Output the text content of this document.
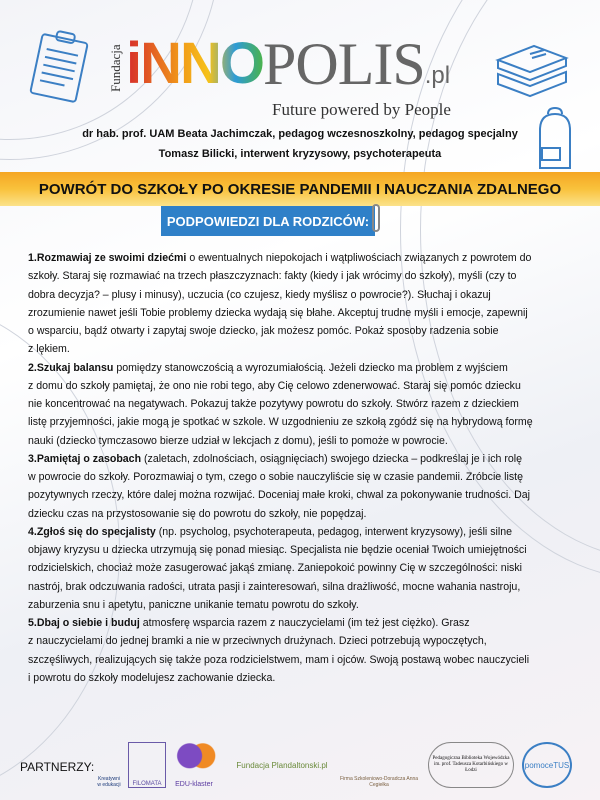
Fundacja iNNO POLIS .pl
Future powered by People
dr hab. prof. UAM Beata Jachimczak, pedagog wczesnoszkolny, pedagog specjalny
Tomasz Bilicki, interwent kryzysowy, psychoterapeuta
POWRÓT DO SZKOŁY PO OKRESIE PANDEMII I NAUCZANIA ZDALNEGO
PODPOWIEDZI DLA RODZICÓW:
1.Rozmawiaj ze swoimi dziećmi o ewentualnych niepokojach i wątpliwościach związanych z powrotem do
szkoły. Staraj się rozmawiać na trzech płaszczyznach: fakty (kiedy i jak wrócimy do szkoły), myśli (czy to
dobra decyzja? – plusy i minusy), uczucia (co czujesz, kiedy myślisz o powrocie?). Słuchaj i okazuj
zrozumienie nawet jeśli Tobie problemy dziecka wydają się błahe. Akceptuj trudne myśli i emocje, zapewnij
o wsparciu, bądź otwarty i zapytaj swoje dziecko, jak możesz pomóc. Pokaż sposoby radzenia sobie
z lękiem.
2.Szukaj balansu pomiędzy stanowczością a wyrozumiałością. Jeżeli dziecko ma problem z wyjściem
z domu do szkoły pamiętaj, że ono nie robi tego, aby Cię celowo zdenerwować. Staraj się pomóc dziecku
nie koncentrować na negatywach. Pokazuj także pozytywy powrotu do szkoły. Stwórz razem z dzieckiem
listę przyjemności, jakie mogą je spotkać w szkole. W uzgodnieniu ze szkołą zgódź się na hybrydową formę
nauki (dziecko tymczasowo bierze udział w lekcjach z domu), jeśli to pomoże w powrocie.
3.Pamiętaj o zasobach (zaletach, zdolnościach, osiągnięciach) swojego dziecka – podkreślaj je i ich rolę
w powrocie do szkoły. Porozmawiaj o tym, czego o sobie nauczyliście się w czasie pandemii. Zróbcie listę
pozytywnych rzeczy, które dalej można rozwijać. Doceniaj małe kroki, chwal za pokonywanie trudności. Daj
dziecku czas na przystosowanie się do powrotu do szkoły, nie popędzaj.
4.Zgłoś się do specjalisty (np. psycholog, psychoterapeuta, pedagog, interwent kryzysowy), jeśli silne
objawy kryzysu u dziecka utrzymują się ponad miesiąc. Specjalista nie będzie oceniał Twoich umiejętności
rodzicielskich, chociaż może zasugerować jakąś zmianę. Zaniepokoić powinny Cię w szczególności: niski
nastrój, brak odczuwania radości, utrata pasji i zainteresowań, silna drażliwość, mocne wahania nastroju,
zaburzenia snu i apetytu, paniczne unikanie tematu powrotu do szkoły.
5.Dbaj o siebie i buduj atmosferę wsparcia razem z nauczycielami (im też jest ciężko). Grasz
z nauczycielami do jednej bramki a nie w przeciwnych drużynach. Dzieci potrzebują wypoczętych,
szczęśliwych, realizujących się także poza rodzicielstwem, mam i ojców. Swoją postawą wobec nauczycieli
i powrotu do szkoły modelujesz zachowanie dziecka.
PARTNERZY:
Kreatywni w edukacji FILOMATA EDU-klaster
Fundacja Plandaltonski.pl
Firma Szkoleniowo-Doradcza Anna Cegiełka
Pedagogiczna Biblioteka Wojewódzka im. prof. Tadeusza Kotarbińskiego w Łodzi
pomoceTUS
